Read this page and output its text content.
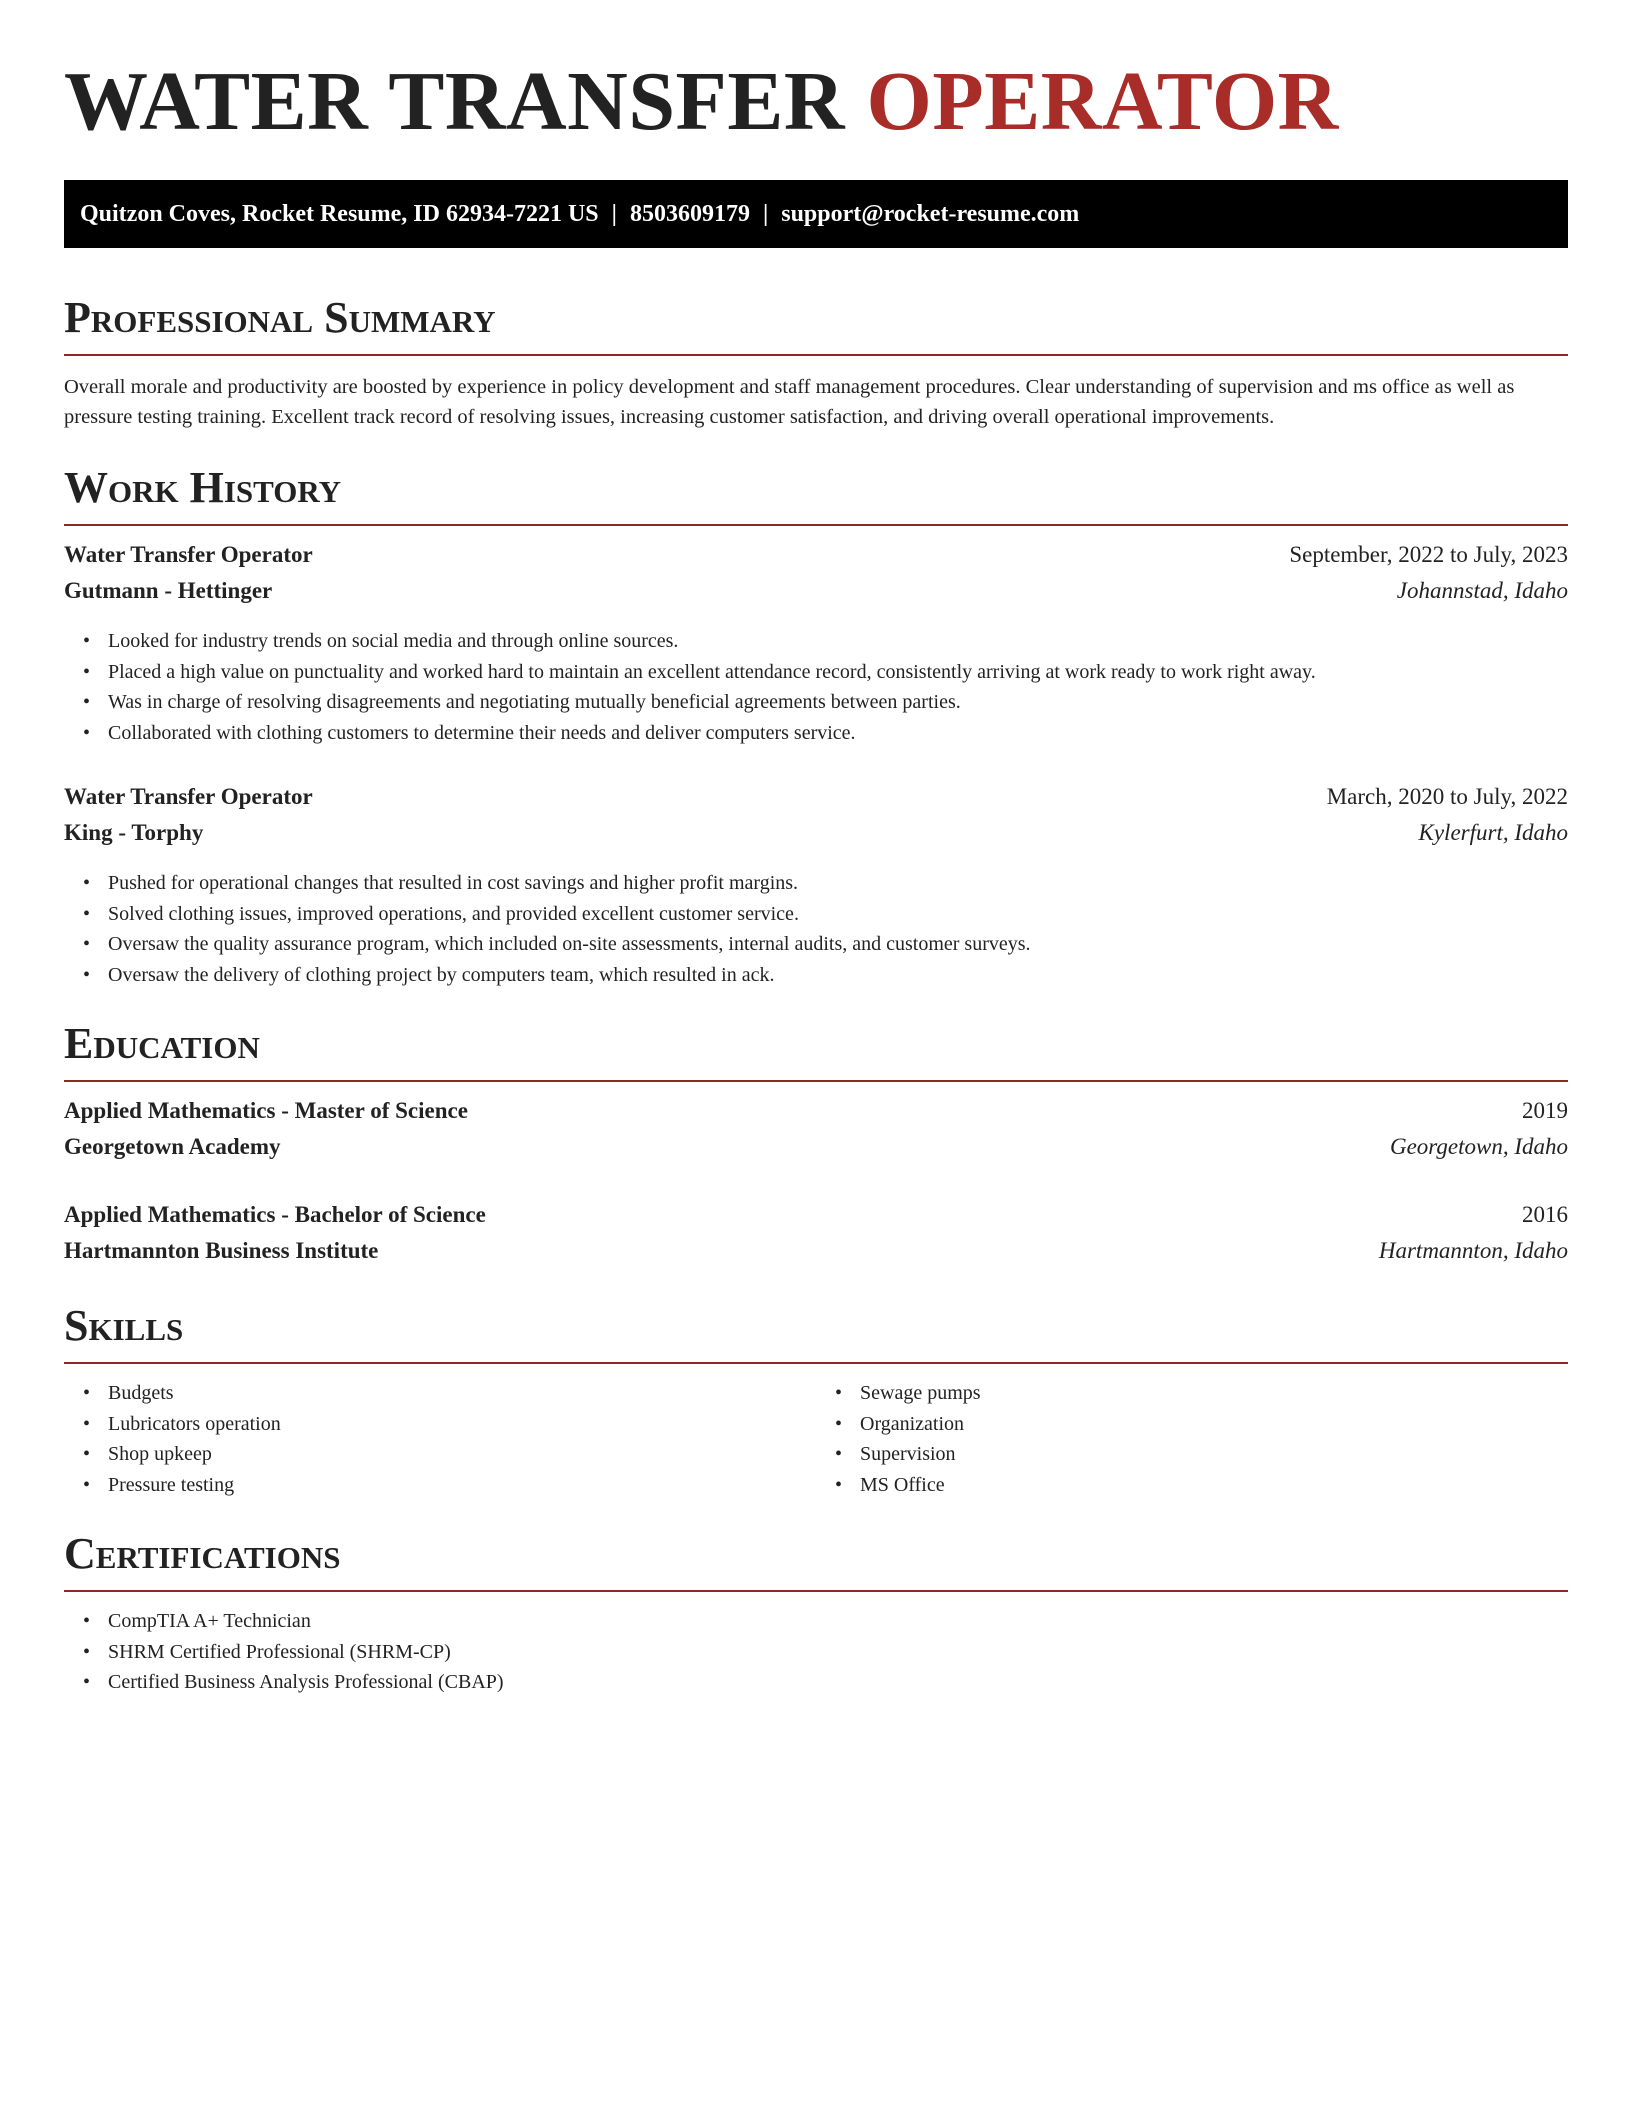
WATER TRANSFER OPERATOR
Quitzon Coves, Rocket Resume, ID 62934-7221 US | 8503609179 | support@rocket-resume.com
Professional Summary

Overall morale and productivity are boosted by experience in policy development and staff management procedures. Clear understanding of supervision and ms office as well as pressure testing training. Excellent track record of resolving issues, increasing customer satisfaction, and driving overall operational improvements.

Work History
Water Transfer Operator	September, 2022 to July, 2023
Gutmann - Hettinger	Johannstad, Idaho
• Looked for industry trends on social media and through online sources.
• Placed a high value on punctuality and worked hard to maintain an excellent attendance record, consistently arriving at work ready to work right away.
• Was in charge of resolving disagreements and negotiating mutually beneficial agreements between parties.
• Collaborated with clothing customers to determine their needs and deliver computers service.
Water Transfer Operator	March, 2020 to July, 2022
King - Torphy	Kylerfurt, Idaho
• Pushed for operational changes that resulted in cost savings and higher profit margins.
• Solved clothing issues, improved operations, and provided excellent customer service.
• Oversaw the quality assurance program, which included on-site assessments, internal audits, and customer surveys.
• Oversaw the delivery of clothing project by computers team, which resulted in ack.
Education
Applied Mathematics - Master of Science	2019
Georgetown Academy	Georgetown, Idaho
Applied Mathematics - Bachelor of Science	2016
Hartmannton Business Institute	Hartmannton, Idaho
Skills
• Budgets
• Lubricators operation
• Shop upkeep
• Pressure testing
• Sewage pumps
• Organization
• Supervision
• MS Office
Certifications
• CompTIA A+ Technician
• SHRM Certified Professional (SHRM-CP)
• Certified Business Analysis Professional (CBAP)
